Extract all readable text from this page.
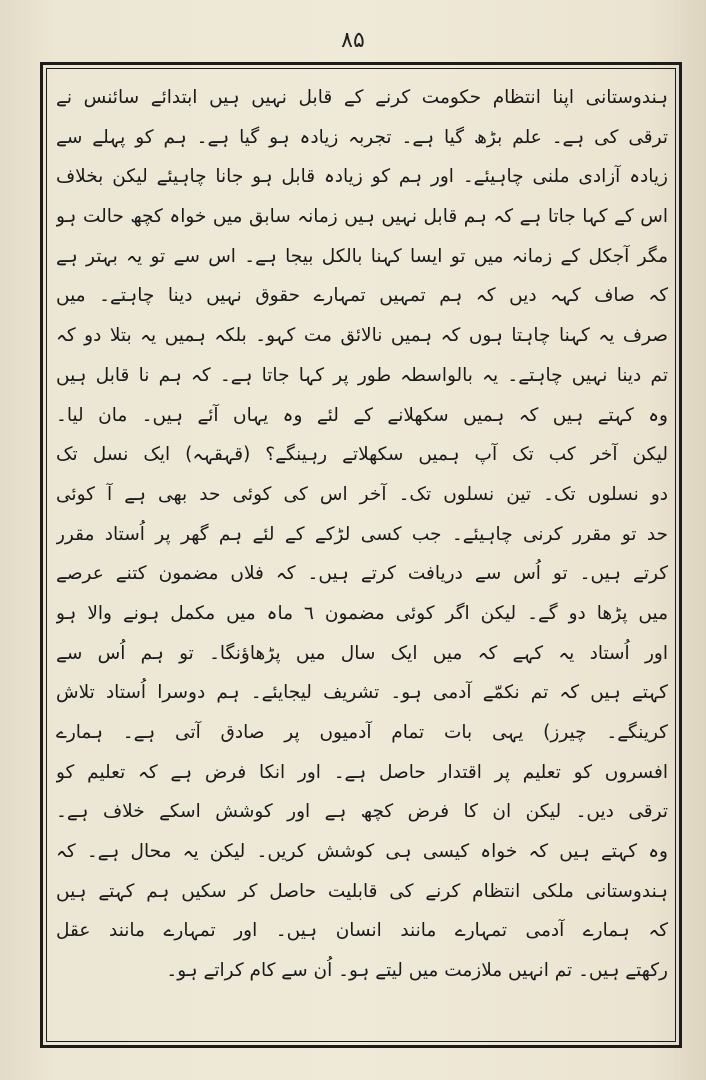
۸۵
ہندوستانی اپنا انتظام حکومت کرنے کے قابل نہیں ہیں ابتدائے سائنس نے
ترقی کی ہے۔ علم بڑھ گیا ہے۔ تجربہ زیادہ ہو گیا ہے۔ ہم کو پہلے سے
زیادہ آزادی ملنی چاہیئے۔ اور ہم کو زیادہ قابل ہو جانا چاہیئے لیکن بخلاف
اس کے کہا جاتا ہے کہ ہم قابل نہیں ہیں زمانہ سابق میں خواہ کچھ حالت ہو
مگر آجکل کے زمانہ میں تو ایسا کہنا بالکل بیجا ہے۔ اس سے تو یہ بہتر ہے
کہ صاف کہہ دیں کہ ہم تمہیں تمہارے حقوق نہیں دینا چاہتے۔ میں
صرف یہ کہنا چاہتا ہوں کہ ہمیں نالائق مت کہو۔ بلکہ ہمیں یہ بتلا دو کہ
تم دینا نہیں چاہتے۔ یہ بالواسطہ طور پر کہا جاتا ہے۔ کہ ہم نا قابل ہیں
وہ کہتے ہیں کہ ہمیں سکھلانے کے لئے وہ یہاں آئے ہیں۔ مان لیا۔
لیکن آخر کب تک آپ ہمیں سکھلاتے رہینگے؟ (قہقہہ) ایک نسل تک
دو نسلوں تک۔ تین نسلوں تک۔ آخر اس کی کوئی حد بھی ہے آ کوئی
حد تو مقرر کرنی چاہیئے۔ جب کسی لڑکے کے لئے ہم گھر پر اُستاد مقرر
کرتے ہیں۔ تو اُس سے دریافت کرتے ہیں۔ کہ فلاں مضمون کتنے عرصے
میں پڑھا دو گے۔ لیکن اگر کوئی مضمون ٦ ماہ میں مکمل ہونے والا ہو
اور اُستاد یہ کہے کہ میں ایک سال میں پڑھاؤنگا۔ تو ہم اُس سے
کہتے ہیں کہ تم نکمّے آدمی ہو۔ تشریف لیجایئے۔ ہم دوسرا اُستاد تلاش
کرینگے۔ چیرز) یہی بات تمام آدمیوں پر صادق آتی ہے۔ ہمارے
افسروں کو تعلیم پر اقتدار حاصل ہے۔ اور انکا فرض ہے کہ تعلیم کو
ترقی دیں۔ لیکن ان کا فرض کچھ ہے اور کوشش اسکے خلاف ہے۔
وہ کہتے ہیں کہ خواہ کیسی ہی کوشش کریں۔ لیکن یہ محال ہے۔ کہ
ہندوستانی ملکی انتظام کرنے کی قابلیت حاصل کر سکیں ہم کہتے ہیں
کہ ہمارے آدمی تمہارے مانند انسان ہیں۔ اور تمہارے مانند عقل
رکھتے ہیں۔ تم انہیں ملازمت میں لیتے ہو۔ اُن سے کام کراتے ہو۔
